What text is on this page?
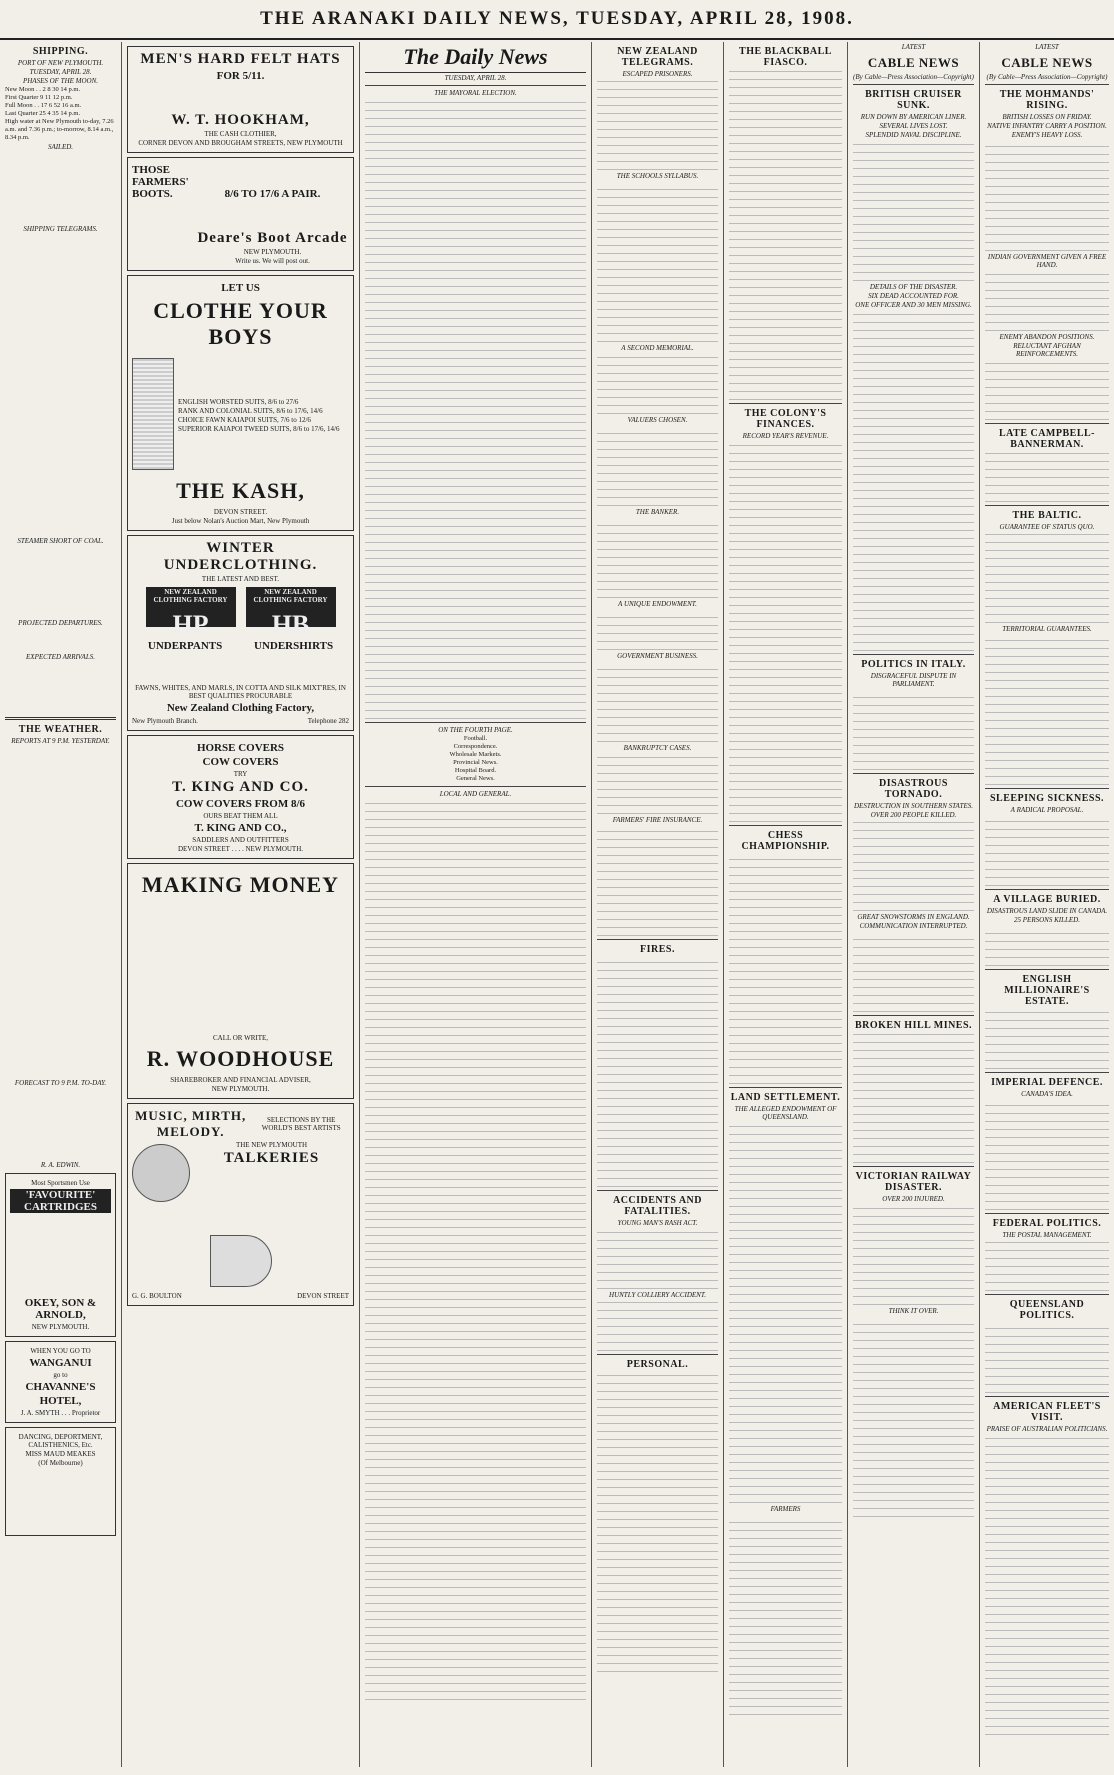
THE ARANAKI DAILY NEWS, TUESDAY, APRIL 28, 1908.
SHIPPING.
PORT OF NEW PLYMOUTH.
TUESDAY, APRIL 28.
PHASES OF THE MOON.

New Moon . . 2 8 30 14 p.m.

First Quarter 9 11 12 p.m.

Full Moon . . 17 6 52 16 a.m.

Last Quarter 25 4 35 14 p.m.

High water at New Plymouth to-day, 7.26 a.m. and 7.36 p.m.; to-morrow, 8.14 a.m., 8.34 p.m.

SAILED.
SHIPPING TELEGRAMS.
STEAMER SHORT OF COAL.
PROJECTED DEPARTURES.
EXPECTED ARRIVALS.
THE WEATHER.
REPORTS AT 9 P.M. YESTERDAY.
FORECAST TO 9 P.M. TO-DAY.
R. A. EDWIN.
Most Sportsmen Use
'FAVOURITE' CARTRIDGES
OKEY, SON & ARNOLD,
NEW PLYMOUTH.
WHEN YOU GO TO
WANGANUI
go to
CHAVANNE'S
HOTEL,
J. A. SMYTH . . . Proprietor
DANCING, DEPORTMENT, CALISTHENICS, Etc.
MISS MAUD MEAKES
(Of Melbourne)
MEN'S HARD FELT HATS
FOR 5/11.
W. T. HOOKHAM,
THE CASH CLOTHIER,
CORNER DEVON AND BROUGHAM STREETS, NEW PLYMOUTH
THOSE FARMERS' BOOTS.	8/6 TO 17/6 A PAIR.
Deare's Boot Arcade
NEW PLYMOUTH.
Write us. We will post out.
LET US
CLOTHE YOUR BOYS
ENGLISH WORSTED SUITS, 8/6 to 27/6
RANK AND COLONIAL SUITS, 8/6 to 17/6, 14/6
CHOICE FAWN KAIAPOI SUITS, 7/6 to 12/6
SUPERIOR KAIAPOI TWEED SUITS, 8/6 to 17/6, 14/6
THE KASH,
DEVON STREET.
Just below Nolan's Auction Mart, New Plymouth
WINTER UNDERCLOTHING.
THE LATEST AND BEST.
NEW ZEALAND CLOTHING FACTORY
HP
NEW ZEALAND CLOTHING FACTORY
HB
UNDERPANTS	UNDERSHIRTS
FAWNS, WHITES, AND MARLS, IN COTTA AND SILK MIXT'RES, IN BEST QUALITIES PROCURABLE
New Zealand Clothing Factory,
New Plymouth Branch.	Telephone 282
HORSE COVERS
COW COVERS
TRY
T. KING AND CO.
COW COVERS FROM 8/6
OURS BEAT THEM ALL
T. KING AND CO.,
SADDLERS AND OUTFITTERS
DEVON STREET . . . . NEW PLYMOUTH.
MAKING MONEY
CALL OR WRITE,
R. WOODHOUSE
SHAREBROKER AND FINANCIAL ADVISER,
NEW PLYMOUTH.
MUSIC, MIRTH, MELODY.
SELECTIONS BY THE WORLD'S BEST ARTISTS
THE NEW PLYMOUTH
TALKERIES
G. G. BOULTON	DEVON STREET
The Daily News
TUESDAY, APRIL 28.
THE MAYORAL ELECTION.
ON THE FOURTH PAGE.

Football.

Correspondence.

Wholesale Markets.

Provincial News.

Hospital Board.

General News.

LOCAL AND GENERAL.
NEW ZEALAND TELEGRAMS.
ESCAPED PRISONERS.
THE SCHOOLS SYLLABUS.
A SECOND MEMORIAL.
VALUERS CHOSEN.
THE BANKER.
A UNIQUE ENDOWMENT.
GOVERNMENT BUSINESS.
BANKRUPTCY CASES.
FARMERS' FIRE INSURANCE.
FIRES.
ACCIDENTS AND FATALITIES.
YOUNG MAN'S RASH ACT.
HUNTLY COLLIERY ACCIDENT.
PERSONAL.
THE BLACKBALL FIASCO.
THE COLONY'S FINANCES.
RECORD YEAR'S REVENUE.
CHESS CHAMPIONSHIP.
LAND SETTLEMENT.
THE ALLEGED ENDOWMENT OF QUEENSLAND.
FARMERS
LATEST
CABLE NEWS
(By Cable—Press Association—Copyright)
BRITISH CRUISER SUNK.
RUN DOWN BY AMERICAN LINER.
SEVERAL LIVES LOST.
SPLENDID NAVAL DISCIPLINE.
DETAILS OF THE DISASTER.
SIX DEAD ACCOUNTED FOR.
ONE OFFICER AND 30 MEN MISSING.
POLITICS IN ITALY.
DISGRACEFUL DISPUTE IN PARLIAMENT.
DISASTROUS TORNADO.
DESTRUCTION IN SOUTHERN STATES.
OVER 200 PEOPLE KILLED.
GREAT SNOWSTORMS IN ENGLAND.
COMMUNICATION INTERRUPTED.
BROKEN HILL MINES.
VICTORIAN RAILWAY DISASTER.
OVER 200 INJURED.
THINK IT OVER.
LATEST
CABLE NEWS
(By Cable—Press Association—Copyright)
THE MOHMANDS' RISING.
BRITISH LOSSES ON FRIDAY.
NATIVE INFANTRY CARRY A POSITION.
ENEMY'S HEAVY LOSS.
INDIAN GOVERNMENT GIVEN A FREE HAND.
ENEMY ABANDON POSITIONS.
RELUCTANT AFGHAN REINFORCEMENTS.
LATE CAMPBELL-BANNERMAN.
THE BALTIC.
GUARANTEE OF STATUS QUO.
TERRITORIAL GUARANTEES.
SLEEPING SICKNESS.
A RADICAL PROPOSAL.
A VILLAGE BURIED.
DISASTROUS LAND SLIDE IN CANADA.
25 PERSONS KILLED.
ENGLISH MILLIONAIRE'S ESTATE.
IMPERIAL DEFENCE.
CANADA'S IDEA.
FEDERAL POLITICS.
THE POSTAL MANAGEMENT.
QUEENSLAND POLITICS.
AMERICAN FLEET'S VISIT.
PRAISE OF AUSTRALIAN POLITICIANS.
